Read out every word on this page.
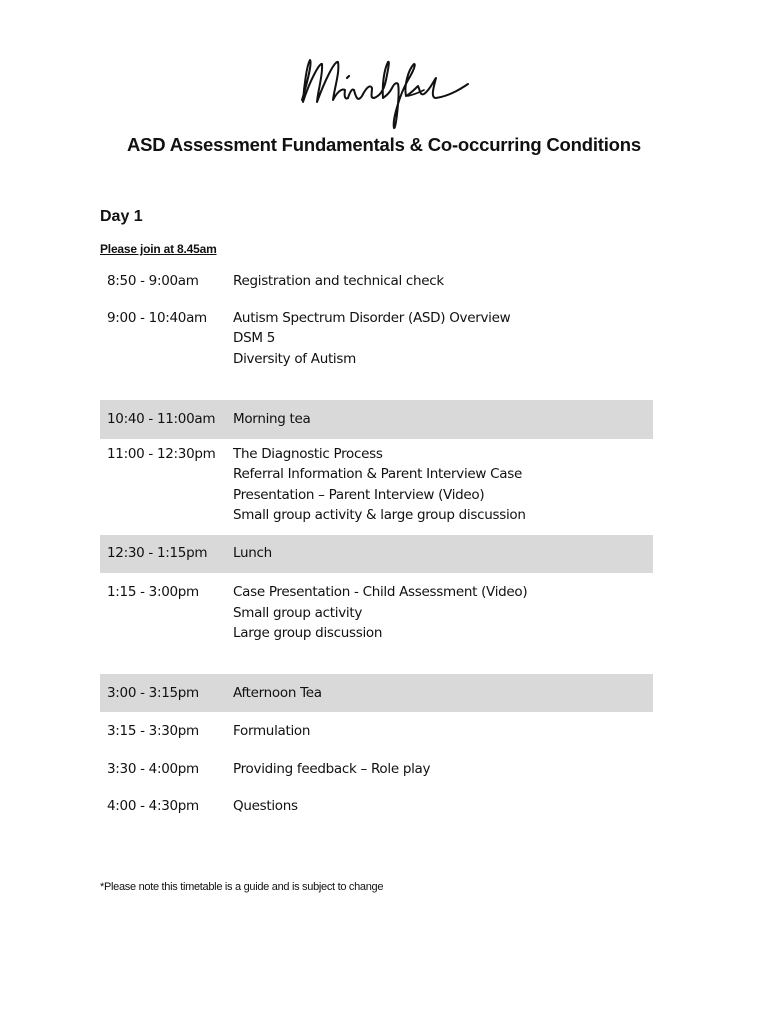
ASD Assessment Fundamentals & Co-occurring Conditions
Day 1
Please join at 8.45am
8:50 - 9:00am	Registration and technical check
9:00 - 10:40am	Autism Spectrum Disorder (ASD) Overview
DSM 5
Diversity of Autism
10:40 - 11:00am	Morning tea
11:00 - 12:30pm	The Diagnostic Process
Referral Information & Parent Interview Case
Presentation – Parent Interview (Video)
Small group activity & large group discussion
12:30 - 1:15pm	Lunch
1:15 - 3:00pm	Case Presentation - Child Assessment (Video)
Small group activity
Large group discussion
3:00 - 3:15pm	Afternoon Tea
3:15 - 3:30pm	Formulation
3:30 - 4:00pm	Providing feedback – Role play
4:00 - 4:30pm	Questions
*Please note this timetable is a guide and is subject to change
